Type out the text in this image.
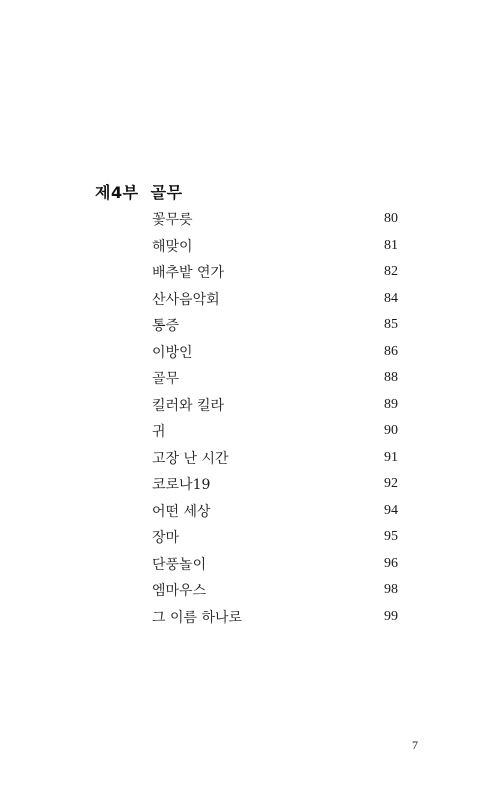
제4부  골무
꽃무릇	80
해맞이	81
배추밭 연가	82
산사음악회	84
통증	85
이방인	86
골무	88
킬러와 킬라	89
귀	90
고장 난 시간	91
코로나19	92
어떤 세상	94
장마	95
단풍놀이	96
엠마우스	98
그 이름 하나로	99
7
